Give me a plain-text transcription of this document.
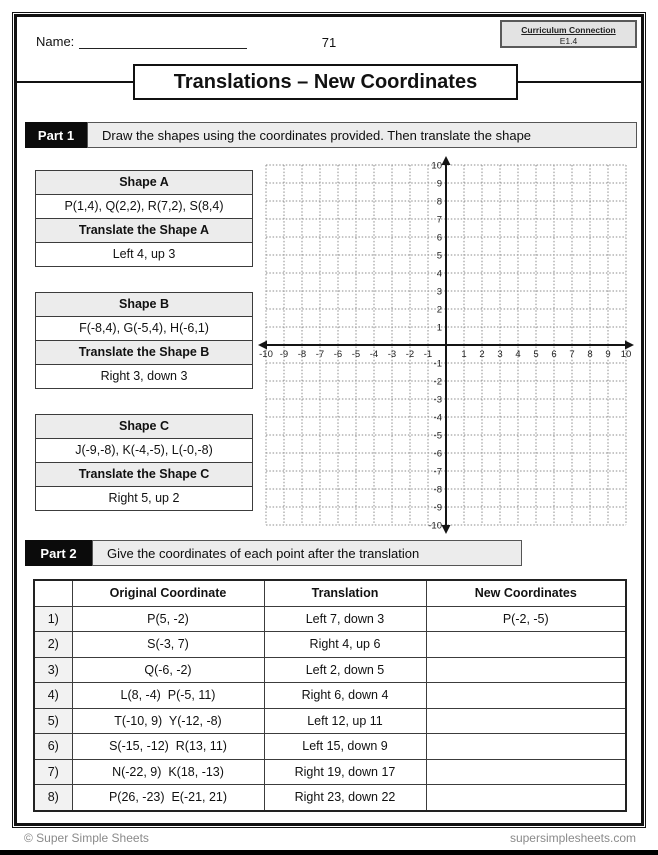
Name:	71
Curriculum Connection
E1.4
Translations – New Coordinates
Part 1	Draw the shapes using the coordinates provided. Then translate the shape
Shape A
P(1,4), Q(2,2), R(7,2), S(8,4)
Translate the Shape A
Left 4, up 3
Shape B
F(-8,4), G(-5,4), H(-6,1)
Translate the Shape B
Right 3, down 3
Shape C
J(-9,-8), K(-4,-5), L(-0,-8)
Translate the Shape C
Right 5, up 2
-10 -9 -8 -7 -6 -5 -4 -3 -2 -1	1 2 3 4 5 6 7 8 9 10
-10
-9
-8
-7
-6
-5
-4
-3
-2
-1
1
2
3
4
5
6
7
8
9
10
Part 2	Give the coordinates of each point after the translation
	Original Coordinate	Translation	New Coordinates
1)	P(5, -2)	Left 7, down 3	P(-2, -5)
2)	S(-3, 7)	Right 4, up 6	
3)	Q(-6, -2)	Left 2, down 5	
4)	L(8, -4)  P(-5, 11)	Right 6, down 4	
5)	T(-10, 9)  Y(-12, -8)	Left 12, up 11	
6)	S(-15, -12)  R(13, 11)	Left 15, down 9	
7)	N(-22, 9)  K(18, -13)	Right 19, down 17	
8)	P(26, -23)  E(-21, 21)	Right 23, down 22	
© Super Simple Sheets	supersimplesheets.com
